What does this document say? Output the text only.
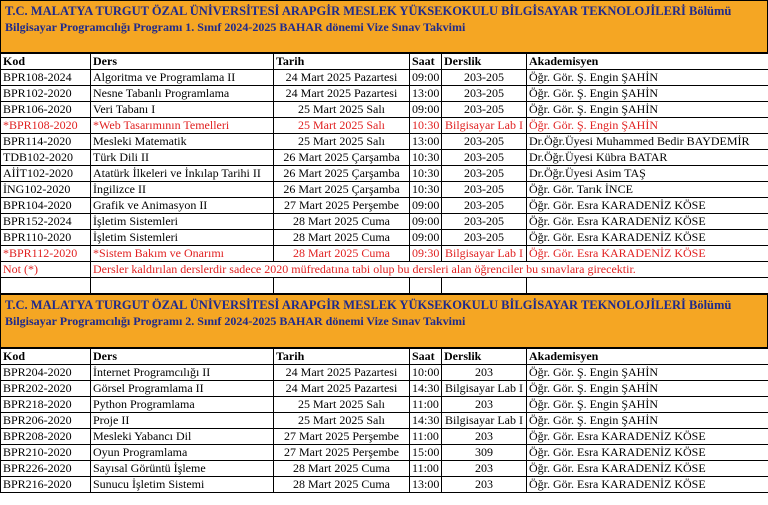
T.C. MALATYA TURGUT ÖZAL ÜNİVERSİTESİ ARAPGİR MESLEK YÜKSEKOKULU BİLGİSAYAR TEKNOLOJİLERİ Bölümü
Bilgisayar Programcılığı Programı 1. Sınıf 2024-2025 BAHAR dönemi Vize Sınav Takvimi
Kod	Ders	Tarih	Saat	Derslik	Akademisyen
BPR108-2024	Algoritma ve Programlama II	24 Mart 2025 Pazartesi	09:00	203-205	Öğr. Gör. Ş. Engin ŞAHİN
BPR102-2020	Nesne Tabanlı Programlama	24 Mart 2025 Pazartesi	13:00	203-205	Öğr. Gör. Ş. Engin ŞAHİN
BPR106-2020	Veri Tabanı I	25 Mart 2025 Salı	09:00	203-205	Öğr. Gör. Ş. Engin ŞAHİN
*BPR108-2020	*Web Tasarımının Temelleri	25 Mart 2025 Salı	10:30	Bilgisayar Lab I	Öğr. Gör. Ş. Engin ŞAHİN
BPR114-2020	Mesleki Matematik	25 Mart 2025 Salı	13:00	203-205	Dr.Öğr.Üyesi Muhammed Bedir BAYDEMİR
TDB102-2020	Türk Dili II	26 Mart 2025 Çarşamba	10:30	203-205	Dr.Öğr.Üyesi Kübra BATAR
AİİT102-2020	Atatürk İlkeleri ve İnkılap Tarihi II	26 Mart 2025 Çarşamba	10:30	203-205	Dr.Öğr.Üyesi Asim TAŞ
İNG102-2020	İngilizce II	26 Mart 2025 Çarşamba	10:30	203-205	Öğr. Gör. Tarık İNCE
BPR104-2020	Grafik ve Animasyon II	27 Mart 2025 Perşembe	09:00	203-205	Öğr. Gör. Esra KARADENİZ KÖSE
BPR152-2024	İşletim Sistemleri	28 Mart 2025 Cuma	09:00	203-205	Öğr. Gör. Esra KARADENİZ KÖSE
BPR110-2020	İşletim Sistemleri	28 Mart 2025 Cuma	09:00	203-205	Öğr. Gör. Esra KARADENİZ KÖSE
*BPR112-2020	*Sistem Bakım ve Onarımı	28 Mart 2025 Cuma	09:30	Bilgisayar Lab I	Öğr. Gör. Esra KARADENİZ KÖSE
Not (*)	Dersler kaldırılan derslerdir sadece 2020 müfredatına tabi olup bu dersleri alan öğrenciler bu sınavlara girecektir.				

T.C. MALATYA TURGUT ÖZAL ÜNİVERSİTESİ ARAPGİR MESLEK YÜKSEKOKULU BİLGİSAYAR TEKNOLOJİLERİ Bölümü
Bilgisayar Programcılığı Programı 2. Sınıf 2024-2025 BAHAR dönemi Vize Sınav Takvimi
Kod	Ders	Tarih	Saat	Derslik	Akademisyen
BPR204-2020	İnternet Programcılığı II	24 Mart 2025 Pazartesi	10:00	203	Öğr. Gör. Ş. Engin ŞAHİN
BPR202-2020	Görsel Programlama II	24 Mart 2025 Pazartesi	14:30	Bilgisayar Lab I	Öğr. Gör. Ş. Engin ŞAHİN
BPR218-2020	Python Programlama	25 Mart 2025 Salı	11:00	203	Öğr. Gör. Ş. Engin ŞAHİN
BPR206-2020	Proje II	25 Mart 2025 Salı	14:30	Bilgisayar Lab I	Öğr. Gör. Ş. Engin ŞAHİN
BPR208-2020	Mesleki Yabancı Dil	27 Mart 2025 Perşembe	11:00	203	Öğr. Gör. Esra KARADENİZ KÖSE
BPR210-2020	Oyun Programlama	27 Mart 2025 Perşembe	15:00	309	Öğr. Gör. Esra KARADENİZ KÖSE
BPR226-2020	Sayısal Görüntü İşleme	28 Mart 2025 Cuma	11:00	203	Öğr. Gör. Esra KARADENİZ KÖSE
BPR216-2020	Sunucu İşletim Sistemi	28 Mart 2025 Cuma	13:00	203	Öğr. Gör. Esra KARADENİZ KÖSE
